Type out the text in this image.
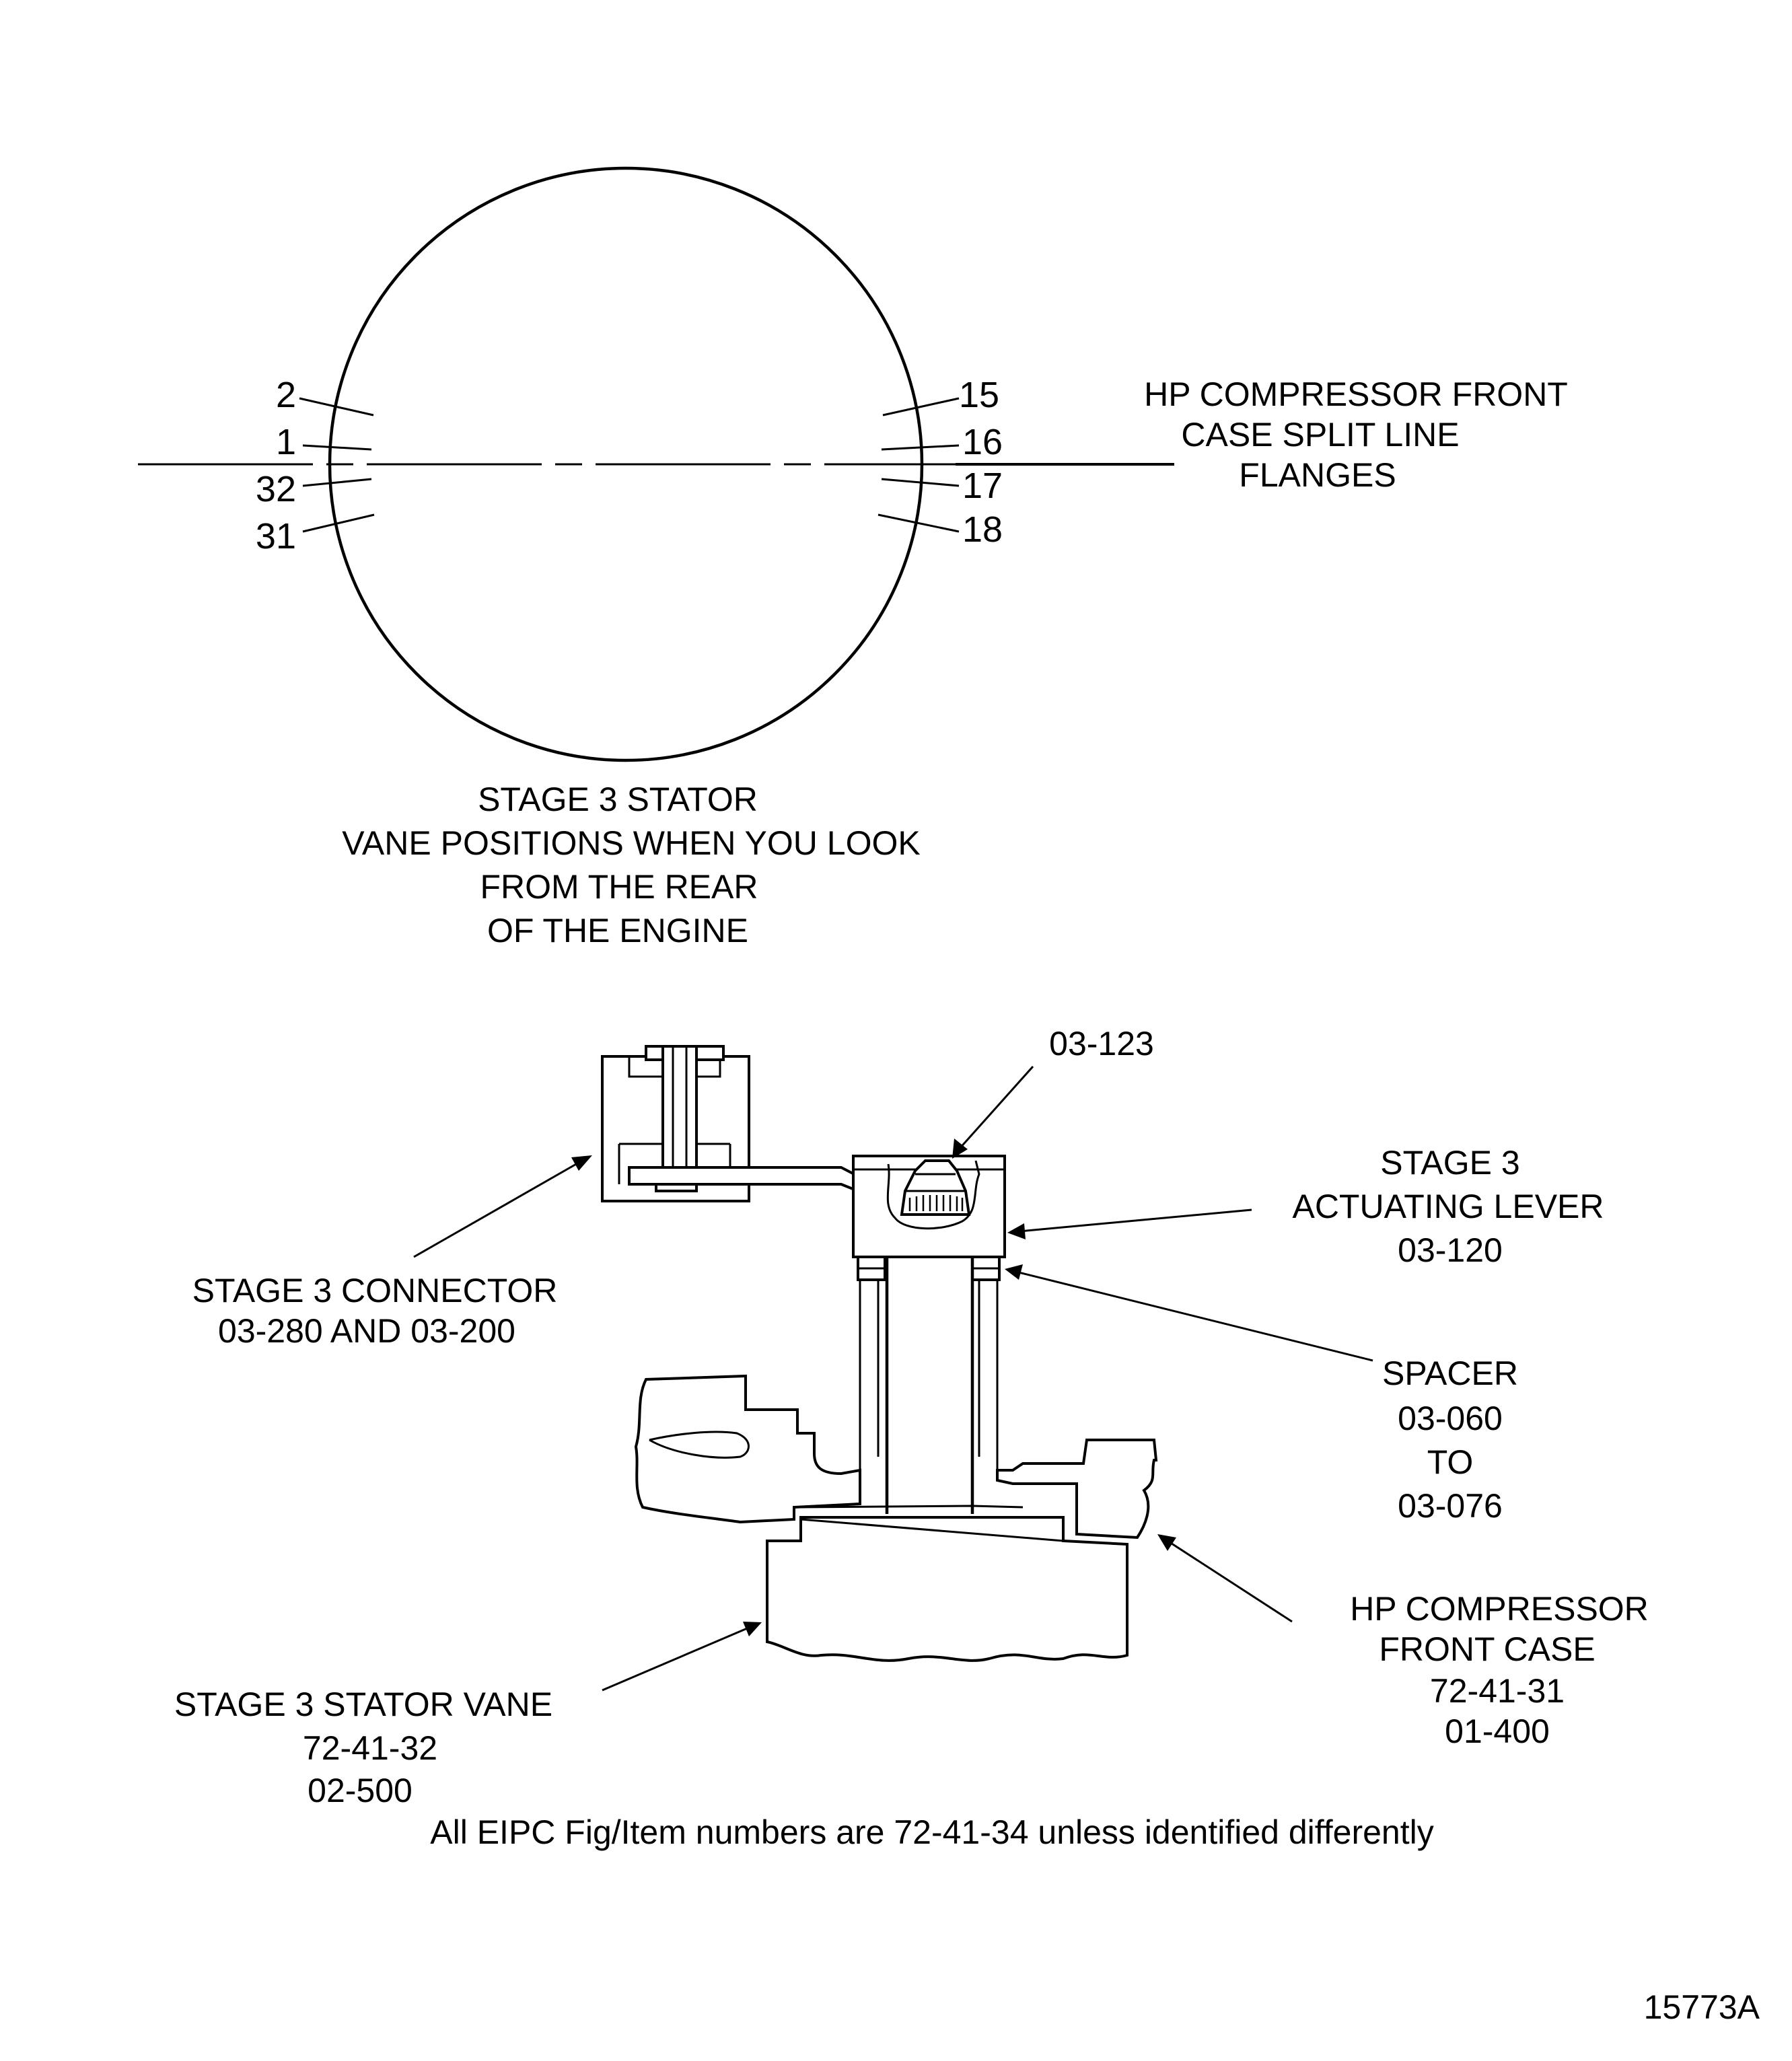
2
1
32
31
15
16
17
18
HP COMPRESSOR FRONT
CASE SPLIT LINE
FLANGES
STAGE 3 STATOR
VANE POSITIONS WHEN YOU LOOK
FROM THE REAR
OF THE ENGINE
03-123
STAGE 3
ACTUATING LEVER
03-120
STAGE 3 CONNECTOR
03-280 AND 03-200
SPACER
03-060
TO
03-076
HP COMPRESSOR
FRONT CASE
72-41-31
01-400
STAGE 3 STATOR VANE
72-41-32
02-500
All EIPC Fig/Item numbers are 72-41-34 unless identified differently
15773A
